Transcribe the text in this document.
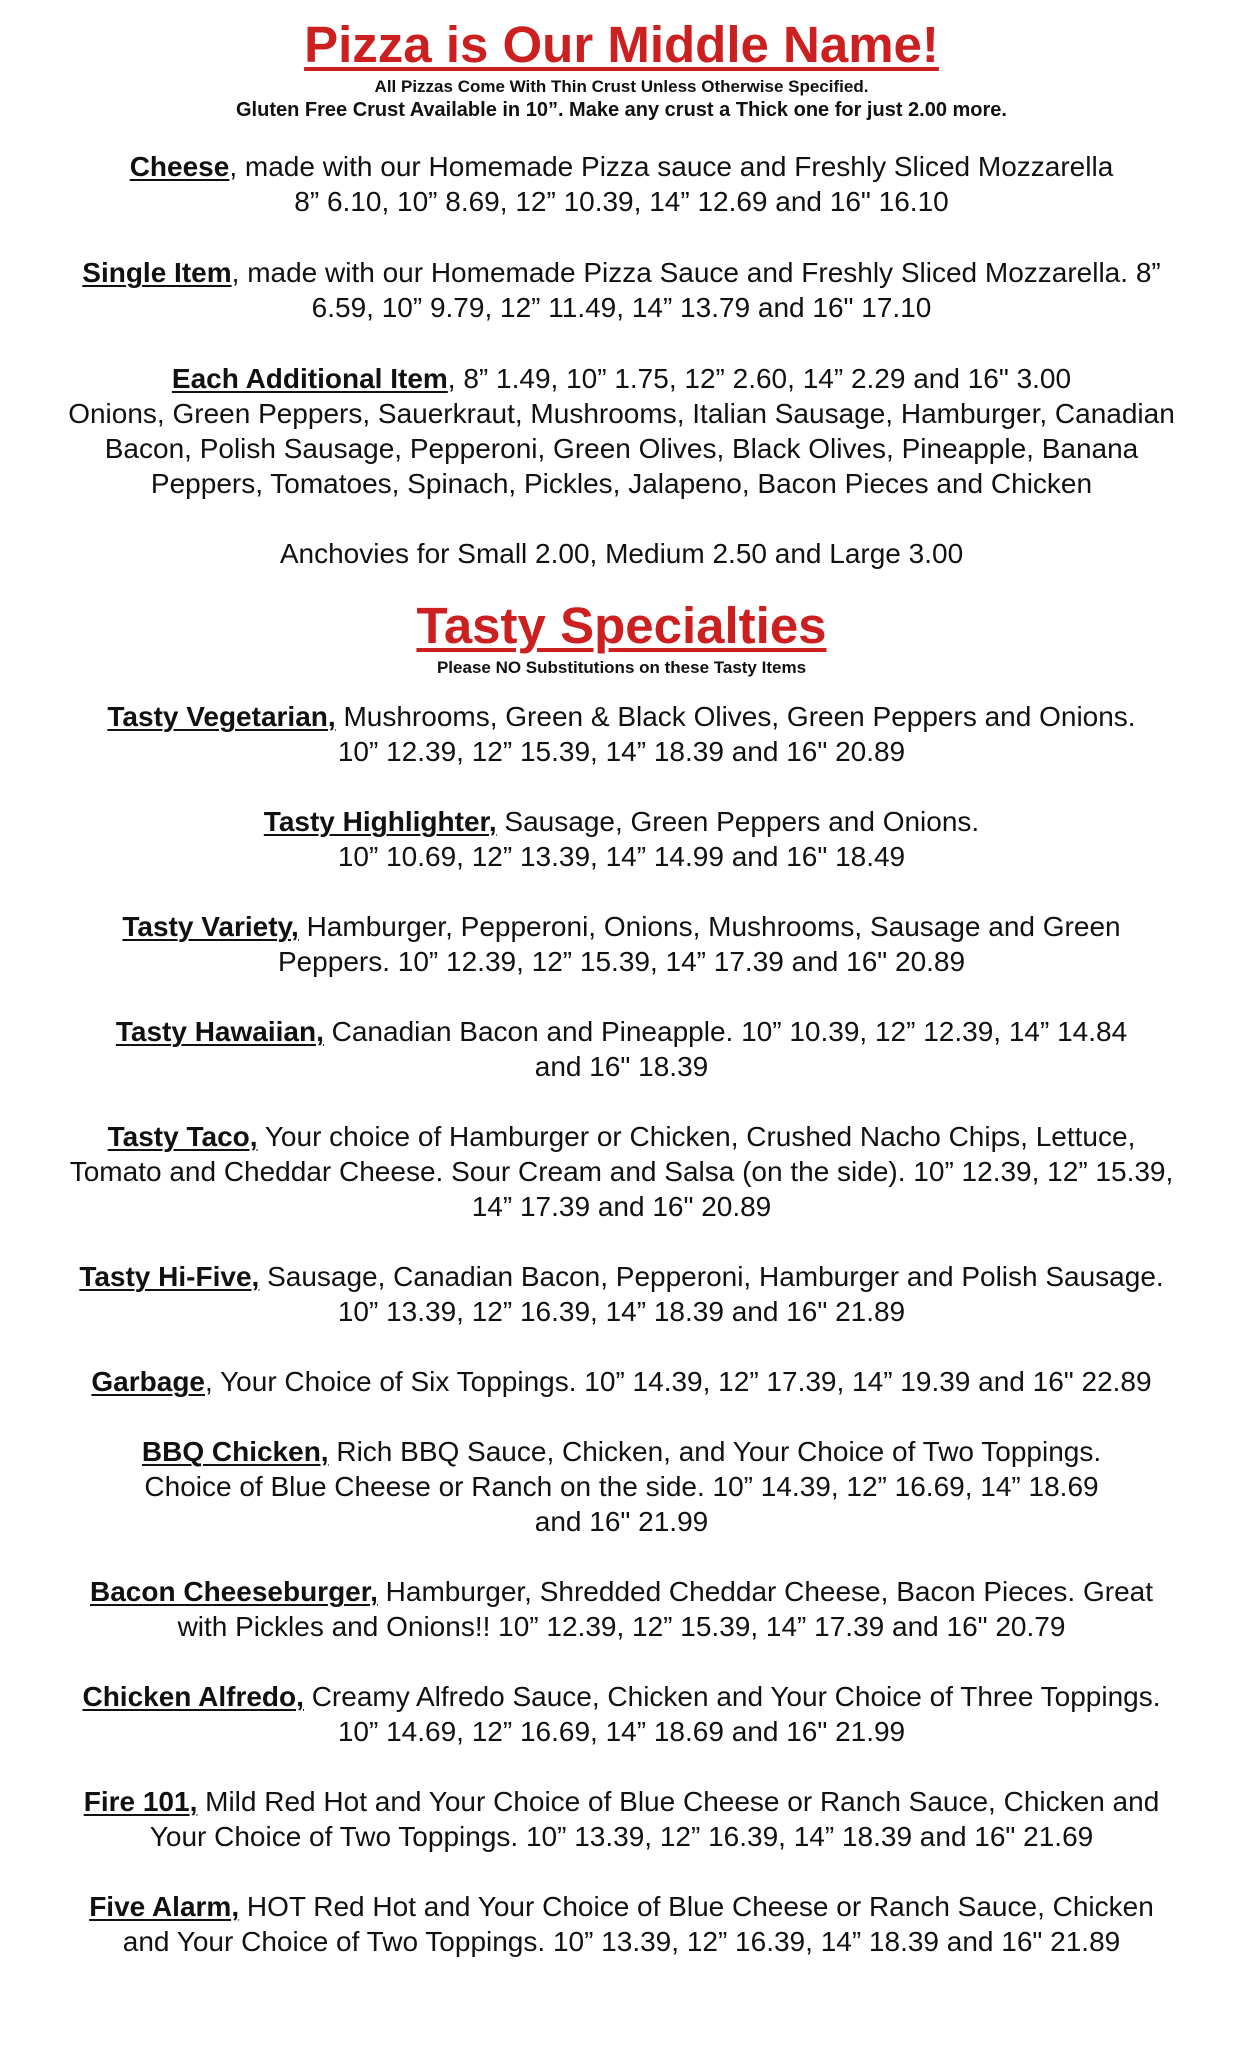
Pizza is Our Middle Name!

All Pizzas Come With Thin Crust Unless Otherwise Specified.

Gluten Free Crust Available in 10”. Make any crust a Thick one for just 2.00 more.

Cheese, made with our Homemade Pizza sauce and Freshly Sliced Mozzarella

8” 6.10, 10” 8.69, 12” 10.39, 14” 12.69 and 16" 16.10

Single Item, made with our Homemade Pizza Sauce and Freshly Sliced Mozzarella. 8”

6.59, 10” 9.79, 12” 11.49, 14” 13.79 and 16" 17.10

Each Additional Item, 8” 1.49, 10” 1.75, 12” 2.60, 14” 2.29 and 16" 3.00

Onions, Green Peppers, Sauerkraut, Mushrooms, Italian Sausage, Hamburger, Canadian

Bacon, Polish Sausage, Pepperoni, Green Olives, Black Olives, Pineapple, Banana

Peppers, Tomatoes, Spinach, Pickles, Jalapeno, Bacon Pieces and Chicken

Anchovies for Small 2.00, Medium 2.50 and Large 3.00

Tasty Specialties

Please NO Substitutions on these Tasty Items

Tasty Vegetarian, Mushrooms, Green & Black Olives, Green Peppers and Onions.

10” 12.39, 12” 15.39, 14” 18.39 and 16" 20.89

Tasty Highlighter, Sausage, Green Peppers and Onions.

10” 10.69, 12” 13.39, 14” 14.99 and 16" 18.49

Tasty Variety, Hamburger, Pepperoni, Onions, Mushrooms, Sausage and Green

Peppers. 10” 12.39, 12” 15.39, 14” 17.39 and 16" 20.89

Tasty Hawaiian, Canadian Bacon and Pineapple. 10” 10.39, 12” 12.39, 14” 14.84

and 16" 18.39

Tasty Taco, Your choice of Hamburger or Chicken, Crushed Nacho Chips, Lettuce,

Tomato and Cheddar Cheese. Sour Cream and Salsa (on the side). 10” 12.39, 12” 15.39,

14” 17.39 and 16" 20.89

Tasty Hi-Five, Sausage, Canadian Bacon, Pepperoni, Hamburger and Polish Sausage.

10” 13.39, 12” 16.39, 14” 18.39 and 16" 21.89

Garbage, Your Choice of Six Toppings. 10” 14.39, 12” 17.39, 14” 19.39 and 16" 22.89

BBQ Chicken, Rich BBQ Sauce, Chicken, and Your Choice of Two Toppings.

Choice of Blue Cheese or Ranch on the side. 10” 14.39, 12” 16.69, 14” 18.69

and 16" 21.99

Bacon Cheeseburger, Hamburger, Shredded Cheddar Cheese, Bacon Pieces. Great

with Pickles and Onions!! 10” 12.39, 12” 15.39, 14” 17.39 and 16" 20.79

Chicken Alfredo, Creamy Alfredo Sauce, Chicken and Your Choice of Three Toppings.

10” 14.69, 12” 16.69, 14” 18.69 and 16" 21.99

Fire 101, Mild Red Hot and Your Choice of Blue Cheese or Ranch Sauce, Chicken and

Your Choice of Two Toppings. 10” 13.39, 12” 16.39, 14” 18.39 and 16" 21.69

Five Alarm, HOT Red Hot and Your Choice of Blue Cheese or Ranch Sauce, Chicken

and Your Choice of Two Toppings. 10” 13.39, 12” 16.39, 14” 18.39 and 16" 21.89
